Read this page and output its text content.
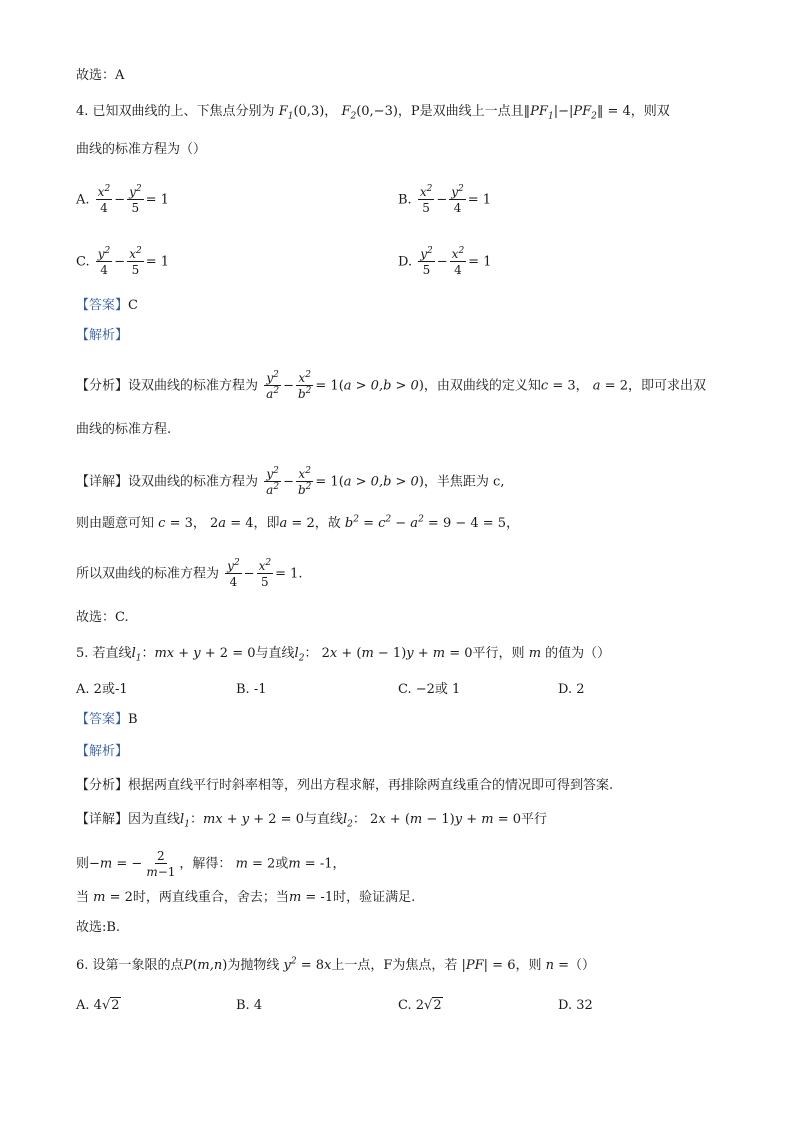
故选：A
4. 已知双曲线的上、下焦点分别为 $F_1(0,3)$， $F_2(0,-3)$，P是双曲线上一点且$‖PF_1|-|PF_2‖ = 4$，则双
曲线的标准方程为（）
A. $\frac{x^2}{4} - \frac{y^2}{5} = 1$	B. $\frac{x^2}{5} - \frac{y^2}{4} = 1$
C. $\frac{y^2}{4} - \frac{x^2}{5} = 1$	D. $\frac{y^2}{5} - \frac{x^2}{4} = 1$
【答案】C
【解析】
【分析】设双曲线的标准方程为 $\frac{y^2}{a^2} - \frac{x^2}{b^2} = 1(a > 0,b > 0)$，由双曲线的定义知c = 3， a = 2，即可求出双
曲线的标准方程.
【详解】设双曲线的标准方程为 $\frac{y^2}{a^2} - \frac{x^2}{b^2} = 1(a > 0,b > 0)$，半焦距为 c,
则由题意可知 c = 3， 2a = 4，即a = 2，故 $b^2 = c^2 - a^2 = 9 - 4 = 5$，
所以双曲线的标准方程为 $\frac{y^2}{4} - \frac{x^2}{5} = 1$.
故选：C.
5. 若直线$l_1$：mx + y + 2 = 0与直线$l_2$： 2x + (m − 1)y + m = 0平行，则 m 的值为（）
A. 2或-1	B. -1	C. −2或 1	D. 2
【答案】B
【解析】
【分析】根据两直线平行时斜率相等，列出方程求解，再排除两直线重合的情况即可得到答案.
【详解】因为直线$l_1$：mx + y + 2 = 0与直线$l_2$： 2x + (m − 1)y + m = 0平行
则−m = − $\frac{2}{m-1}$ ，解得： m = 2或m = -1，
当 m = 2时，两直线重合，舍去；当m = -1时，验证满足.
故选:B.
6. 设第一象限的点P(m,n)为抛物线 $y^2 = 8x$上一点，F为焦点，若 |PF| = 6，则 n =（）
A. 4√2	B. 4	C. 2√2	D. 32
